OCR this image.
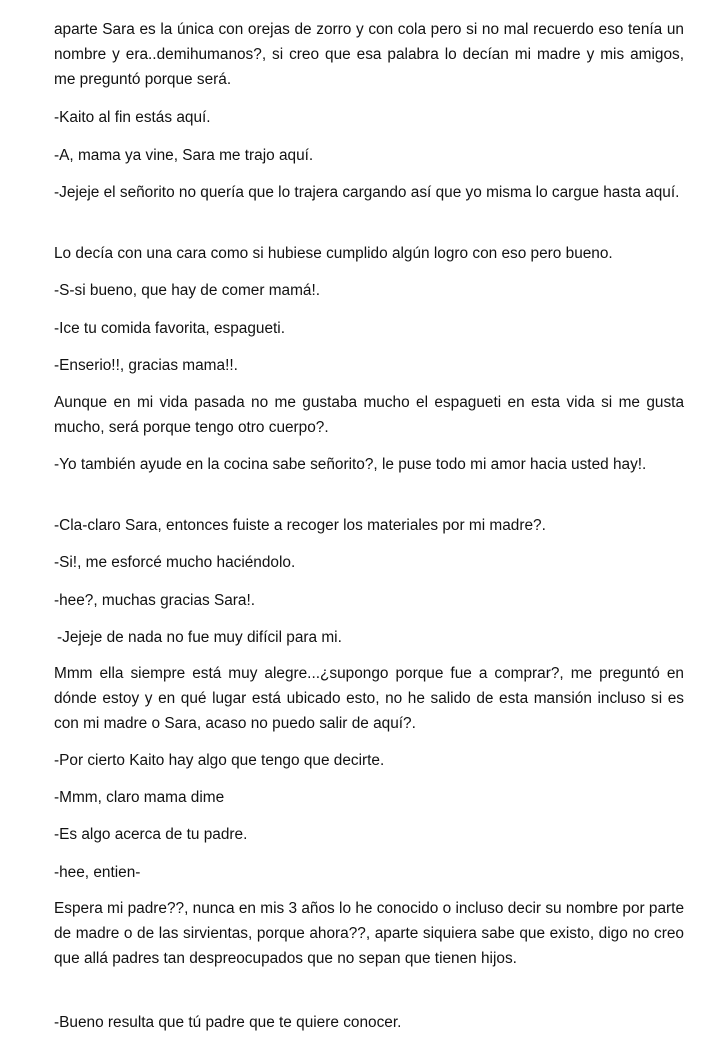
aparte Sara es la única con orejas de zorro y con cola pero si no mal recuerdo eso tenía un nombre y era..demihumanos?, si creo que esa palabra lo decían mi madre y mis amigos, me preguntó porque será.

-Kaito al fin estás aquí.

-A, mama ya vine, Sara me trajo aquí.

-Jejeje el señorito no quería que lo trajera cargando así que yo misma lo cargue hasta aquí.

Lo decía con una cara como si hubiese cumplido algún logro con eso pero bueno.

-S-si bueno, que hay de comer mamá!.

-Ice tu comida favorita, espagueti.

-Enserio!!, gracias mama!!.

Aunque en mi vida pasada no me gustaba mucho el espagueti en esta vida si me gusta mucho, será porque tengo otro cuerpo?.

-Yo también ayude en la cocina sabe señorito?, le puse todo mi amor hacia usted hay!.

-Cla-claro Sara, entonces fuiste a recoger los materiales por mi madre?.

-Si!, me esforcé mucho haciéndolo.

-hee?, muchas gracias Sara!.

-Jejeje de nada no fue muy difícil para mi.

Mmm ella siempre está muy alegre...¿supongo porque fue a comprar?, me preguntó en dónde estoy y en qué lugar está ubicado esto, no he salido de esta mansión incluso si es con mi madre o Sara, acaso no puedo salir de aquí?.

-Por cierto Kaito hay algo que tengo que decirte.

-Mmm, claro mama dime

-Es algo acerca de tu padre.

-hee, entien-

Espera mi padre??, nunca en mis 3 años lo he conocido o incluso decir su nombre por parte de madre o de las sirvientas, porque ahora??, aparte siquiera sabe que existo, digo no creo que allá padres tan despreocupados que no sepan que tienen hijos.

-Bueno resulta que tú padre que te quiere conocer.
